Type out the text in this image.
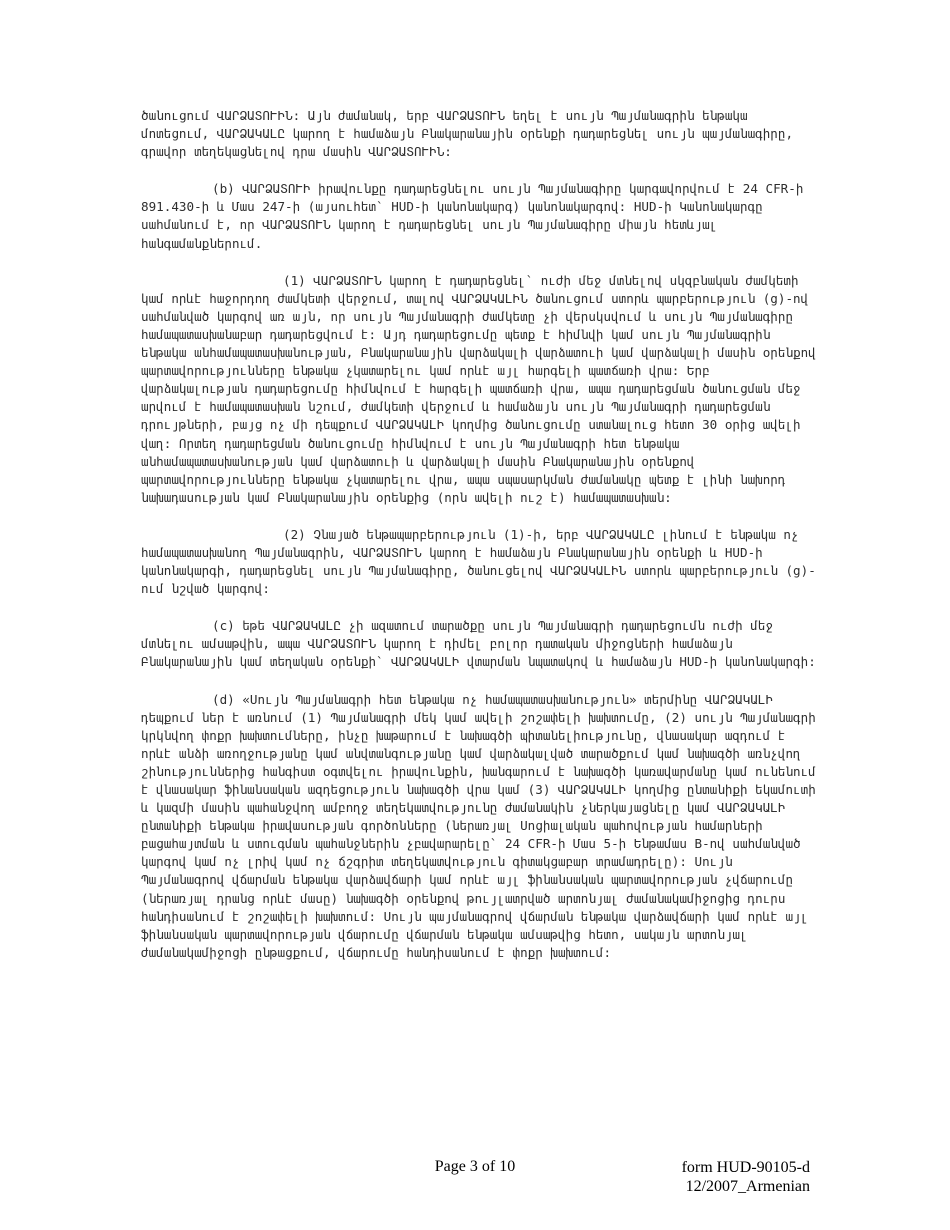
ծանուցում ՎԱՐՁԱՏՈՒԻՆ: Այն ժամանակ, երբ ՎԱՐՁԱՏՈՒՆ եղել է սույն Պայմանագրին ենթակա մոտեցում, ՎԱՐՁԱԿԱԼԸ կարող է համաձայն Բնակարանային օրենքի դադարեցնել սույն պայմանագիրը, գրավոր տեղեկացնելով դրա մասին ՎԱՐՁԱՏՈՒԻՆ:

(b) ՎԱՐՁԱՏՈՒԻ իրավունքը դադարեցնելու սույն Պայմանագիրը կարգավորվում է 24 CFR-ի 891.430-ի և Մաս 247-ի (այսուհետ` HUD-ի կանոնակարգ) կանոնակարգով: HUD-ի Կանոնակարգը սահմանում է, որ ՎԱՐՁԱՏՈՒՆ կարող է դադարեցնել սույն Պայմանագիրը միայն հետևյալ հանգամանքներում.

(1) ՎԱՐՁԱՏՈՒՆ կարող է դադարեցնել` ուժի մեջ մտնելով սկզբնական ժամկետի կամ որևէ հաջորդող ժամկետի վերջում, տալով ՎԱՐՁԱԿԱԼԻՆ ծանուցում ստորև պարբերություն (g)-ով սահմանված կարգով առ այն, որ սույն Պայմանագրի ժամկետը չի վերսկսվում և սույն Պայմանագիրը համապատասխանաբար դադարեցվում է: Այդ դադարեցումը պետք է հիմնվի կամ սույն Պայմանագրին ենթակա անհամապատասխանության, Բնակարանային վարձակալի վարձատուի կամ վարձակալի մասին օրենքով պարտավորությունները ենթակա չկատարելու կամ որևէ այլ հարգելի պատճառի վրա: Երբ վարձակալության դադարեցումը հիմնվում է հարգելի պատճառի վրա, ապա դադարեցման ծանուցման մեջ արվում է համապատասխան նշում, ժամկետի վերջում և համաձայն սույն Պայմանագրի դադարեցման դրույթների, բայց ոչ մի դեպքում ՎԱՐՁԱԿԱԼԻ կողմից ծանուցումը ստանալուց հետո 30 օրից ավելի վաղ: Որտեղ դադարեցման ծանուցումը հիմնվում է սույն Պայմանագրի հետ ենթակա անհամապատասխանության կամ վարձատուի և վարձակալի մասին Բնակարանային օրենքով պարտավորությունները ենթակա չկատարելու վրա, ապա սպասարկման ժամանակը պետք է լինի նախորդ նախադասության կամ Բնակարանային օրենքից (որն ավելի ուշ է) համապատասխան:

(2) Չնայած ենթապարբերություն (1)-ի, երբ ՎԱՐՁԱԿԱԼԸ լինում է ենթակա ոչ համապատասխանող Պայմանագրին, ՎԱՐՁԱՏՈՒՆ կարող է համաձայն Բնակարանային օրենքի և HUD-ի կանոնակարգի, դադարեցնել սույն Պայմանագիրը, ծանուցելով ՎԱՐՁԱԿԱԼԻՆ ստորև պարբերություն (g)-ում նշված կարգով:

(c) եթե ՎԱՐՁԱԿԱԼԸ չի ազատում տարածքը սույն Պայմանագրի դադարեցումն ուժի մեջ մտնելու ամսաթվին, ապա ՎԱՐՁԱՏՈՒՆ կարող է դիմել բոլոր դատական միջոցների համաձայն Բնակարանային կամ տեղական օրենքի` ՎԱՐՁԱԿԱԼԻ վտարման նպատակով և համաձայն HUD-ի կանոնակարգի:

(d) «Սույն Պայմանագրի հետ ենթակա ոչ համապատասխանություն» տերմինը ՎԱՐՁԱԿԱԼԻ դեպքում ներ է առնում (1) Պայմանագրի մեկ կամ ավելի շոշափելի խախտումը, (2) սույն Պայմանագրի կրկնվող փոքր խախտումները, ինչը խաթարում է նախագծի պիտանելիությունը, վնասակար ազդում է որևէ անձի առողջությանը կամ անվտանգությանը կամ վարձակալված տարածքում կամ նախագծի առնչվող շինություններից հանգիստ օգտվելու իրավունքին, խանգարում է նախագծի կառավարմանը կամ ունենում է վնասակար ֆինանսական ազդեցություն նախագծի վրա կամ (3) ՎԱՐՁԱԿԱԼԻ կողմից ընտանիքի եկամուտի և կազմի մասին պահանջվող ամբողջ տեղեկատվությունը ժամանակին չներկայացնելը կամ ՎԱՐՁԱԿԱԼԻ ընտանիքի ենթակա իրավասության գործոնները (ներառյալ Սոցիալական պահովության համարների բացահայտման և ստուգման պահանջներին չբավարարելը` 24 CFR-ի Մաս 5-ի Ենթամաս B-ով սահմանված կարգով կամ ոչ լրիվ կամ ոչ ճշգրիտ տեղեկատվություն գիտակցաբար տրամադրելը): Սույն Պայմանագրով վճարման ենթակա վարձավճարի կամ որևէ այլ ֆինանսական պարտավորության չվճարումը (ներառյալ դրանց որևէ մասը) նախագծի օրենքով թույլատրված արտոնյալ ժամանակամիջոցից դուրս հանդիսանում է շոշափելի խախտում: Սույն պայմանագրով վճարման ենթակա վարձավճարի կամ որևէ այլ ֆինանսական պարտավորության վճարումը վճարման ենթակա ամսաթվից հետո, սակայն արտոնյալ ժամանակամիջոցի ընթացքում, վճարումը հանդիսանում է փոքր խախտում:

Page 3 of 10	form HUD-90105-d
12/2007_Armenian
